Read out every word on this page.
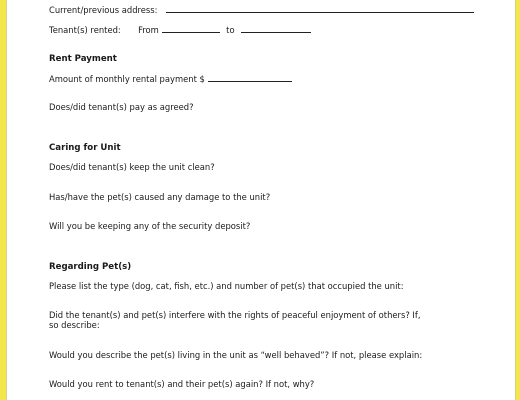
Current/previous address:
Tenant(s) rented: From	to
Rent Payment
Amount of monthly rental payment $
Does/did tenant(s) pay as agreed?
Caring for Unit
Does/did tenant(s) keep the unit clean?
Has/have the pet(s) caused any damage to the unit?
Will you be keeping any of the security deposit?
Regarding Pet(s)
Please list the type (dog, cat, fish, etc.) and number of pet(s) that occupied the unit:
Did the tenant(s) and pet(s) interfere with the rights of peaceful enjoyment of others? If,
so describe:
Would you describe the pet(s) living in the unit as “well behaved”? If not, please explain:
Would you rent to tenant(s) and their pet(s) again? If not, why?
